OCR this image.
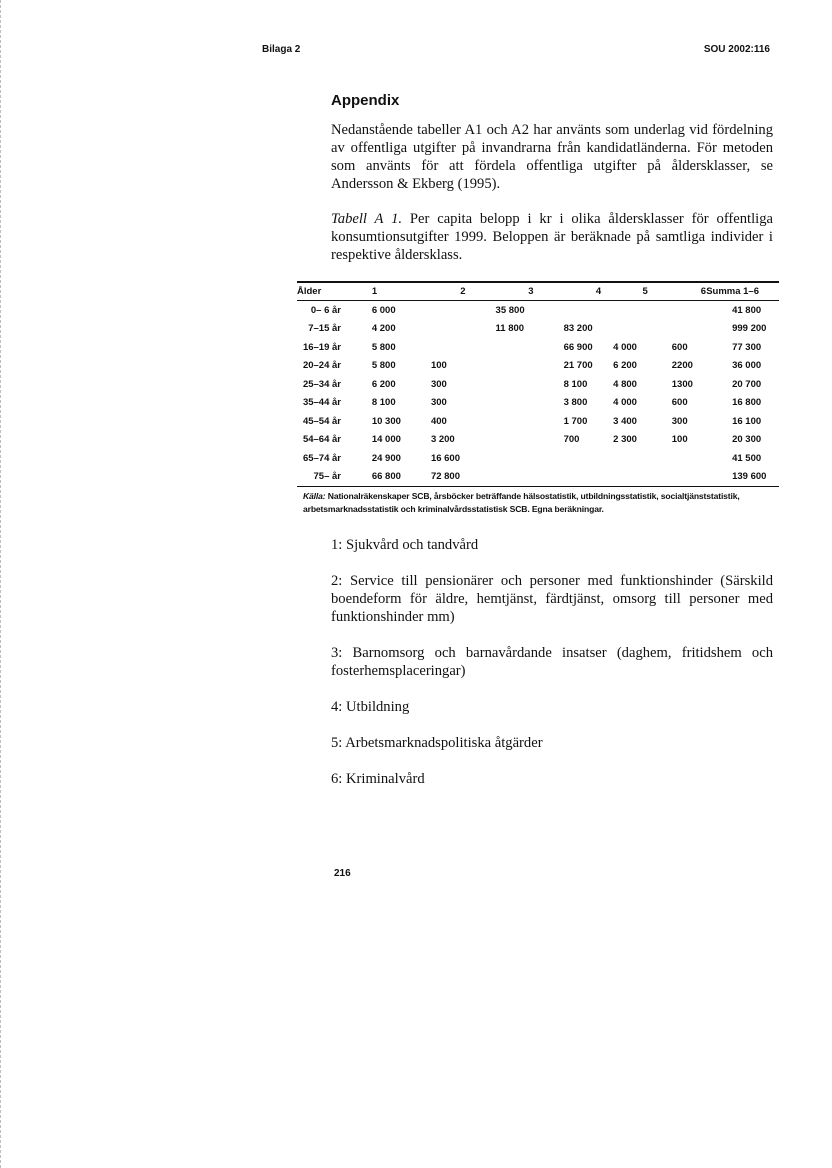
Bilaga 2	SOU 2002:116
Appendix
Nedanstående tabeller A1 och A2 har använts som underlag vid fördelning av offentliga utgifter på invandrarna från kandidatländerna. För metoden som använts för att fördela offentliga utgifter på åldersklasser, se Andersson & Ekberg (1995).
Tabell A 1. Per capita belopp i kr i olika åldersklasser för offentliga konsumtionsutgifter 1999. Beloppen är beräknade på samtliga individer i respektive åldersklass.
Ålder	1	2	3	4	5	6	Summa 1–6
0– 6 år	6 000		35 800				41 800
7–15 år	4 200		11 800	83 200			999 200
16–19 år	5 800			66 900	4 000	600	77 300
20–24 år	5 800	100		21 700	6 200	2200	36 000
25–34 år	6 200	300		8 100	4 800	1300	20 700
35–44 år	8 100	300		3 800	4 000	600	16 800
45–54 år	10 300	400		1 700	3 400	300	16 100
54–64 år	14 000	3 200		700	2 300	100	20 300
65–74 år	24 900	16 600					41 500
75– år	66 800	72 800					139 600
Källa: Nationalräkenskaper SCB, årsböcker beträffande hälsostatistik, utbildningsstatistik, socialtjänststatistik, arbetsmarknadsstatistik och kriminalvårdsstatistisk SCB. Egna beräkningar.

1: Sjukvård och tandvård

2: Service till pensionärer och personer med funktionshinder (Särskild boendeform för äldre, hemtjänst, färdtjänst, omsorg till personer med funktionshinder mm)

3: Barnomsorg och barnavårdande insatser (daghem, fritidshem och fosterhemsplaceringar)

4: Utbildning

5: Arbetsmarknadspolitiska åtgärder

6: Kriminalvård

216
